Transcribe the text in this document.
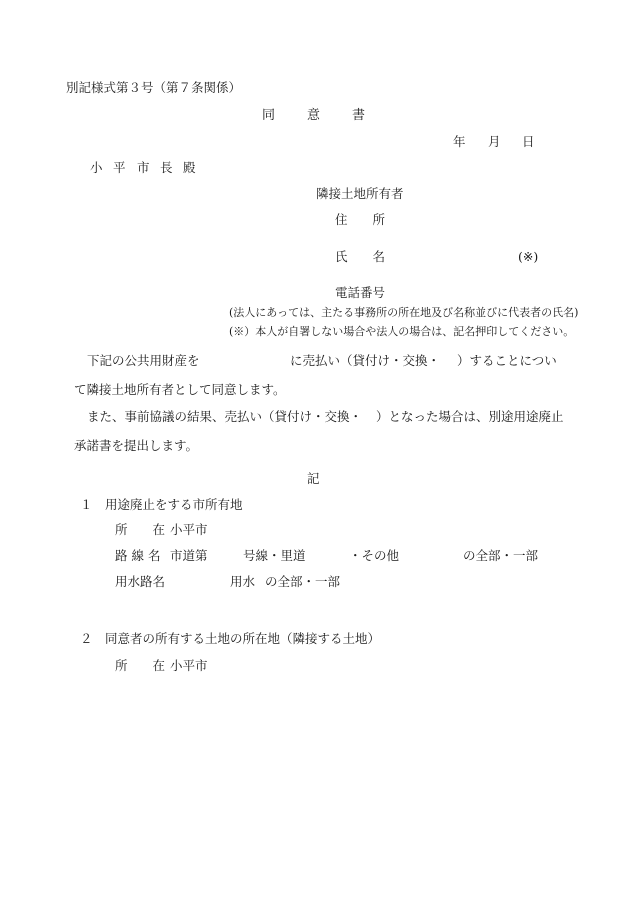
別記様式第３号（第７条関係）
同 意 書
年 月 日
小 平 市 長 殿
隣接土地所有者
住　　所
氏　　名	(※)
電話番号
(法人にあっては、主たる事務所の所在地及び名称並びに代表者の氏名)
(※）本人が自署しない場合や法人の場合は、記名押印してください。
下記の公共用財産を	に売払い（貸付け・交換・ ）することについ
て隣接土地所有者として同意します。
また、事前協議の結果、売払い（貸付け・交換・ ）となった場合は、別途用途廃止
承諾書を提出します。
記
１　用途廃止をする市所有地
所　　在 小平市
路 線 名 市道第	号線・里道	・その他	の全部・一部
用水路名	用水 の全部・一部
２　同意者の所有する土地の所在地（隣接する土地）
所　　在 小平市
